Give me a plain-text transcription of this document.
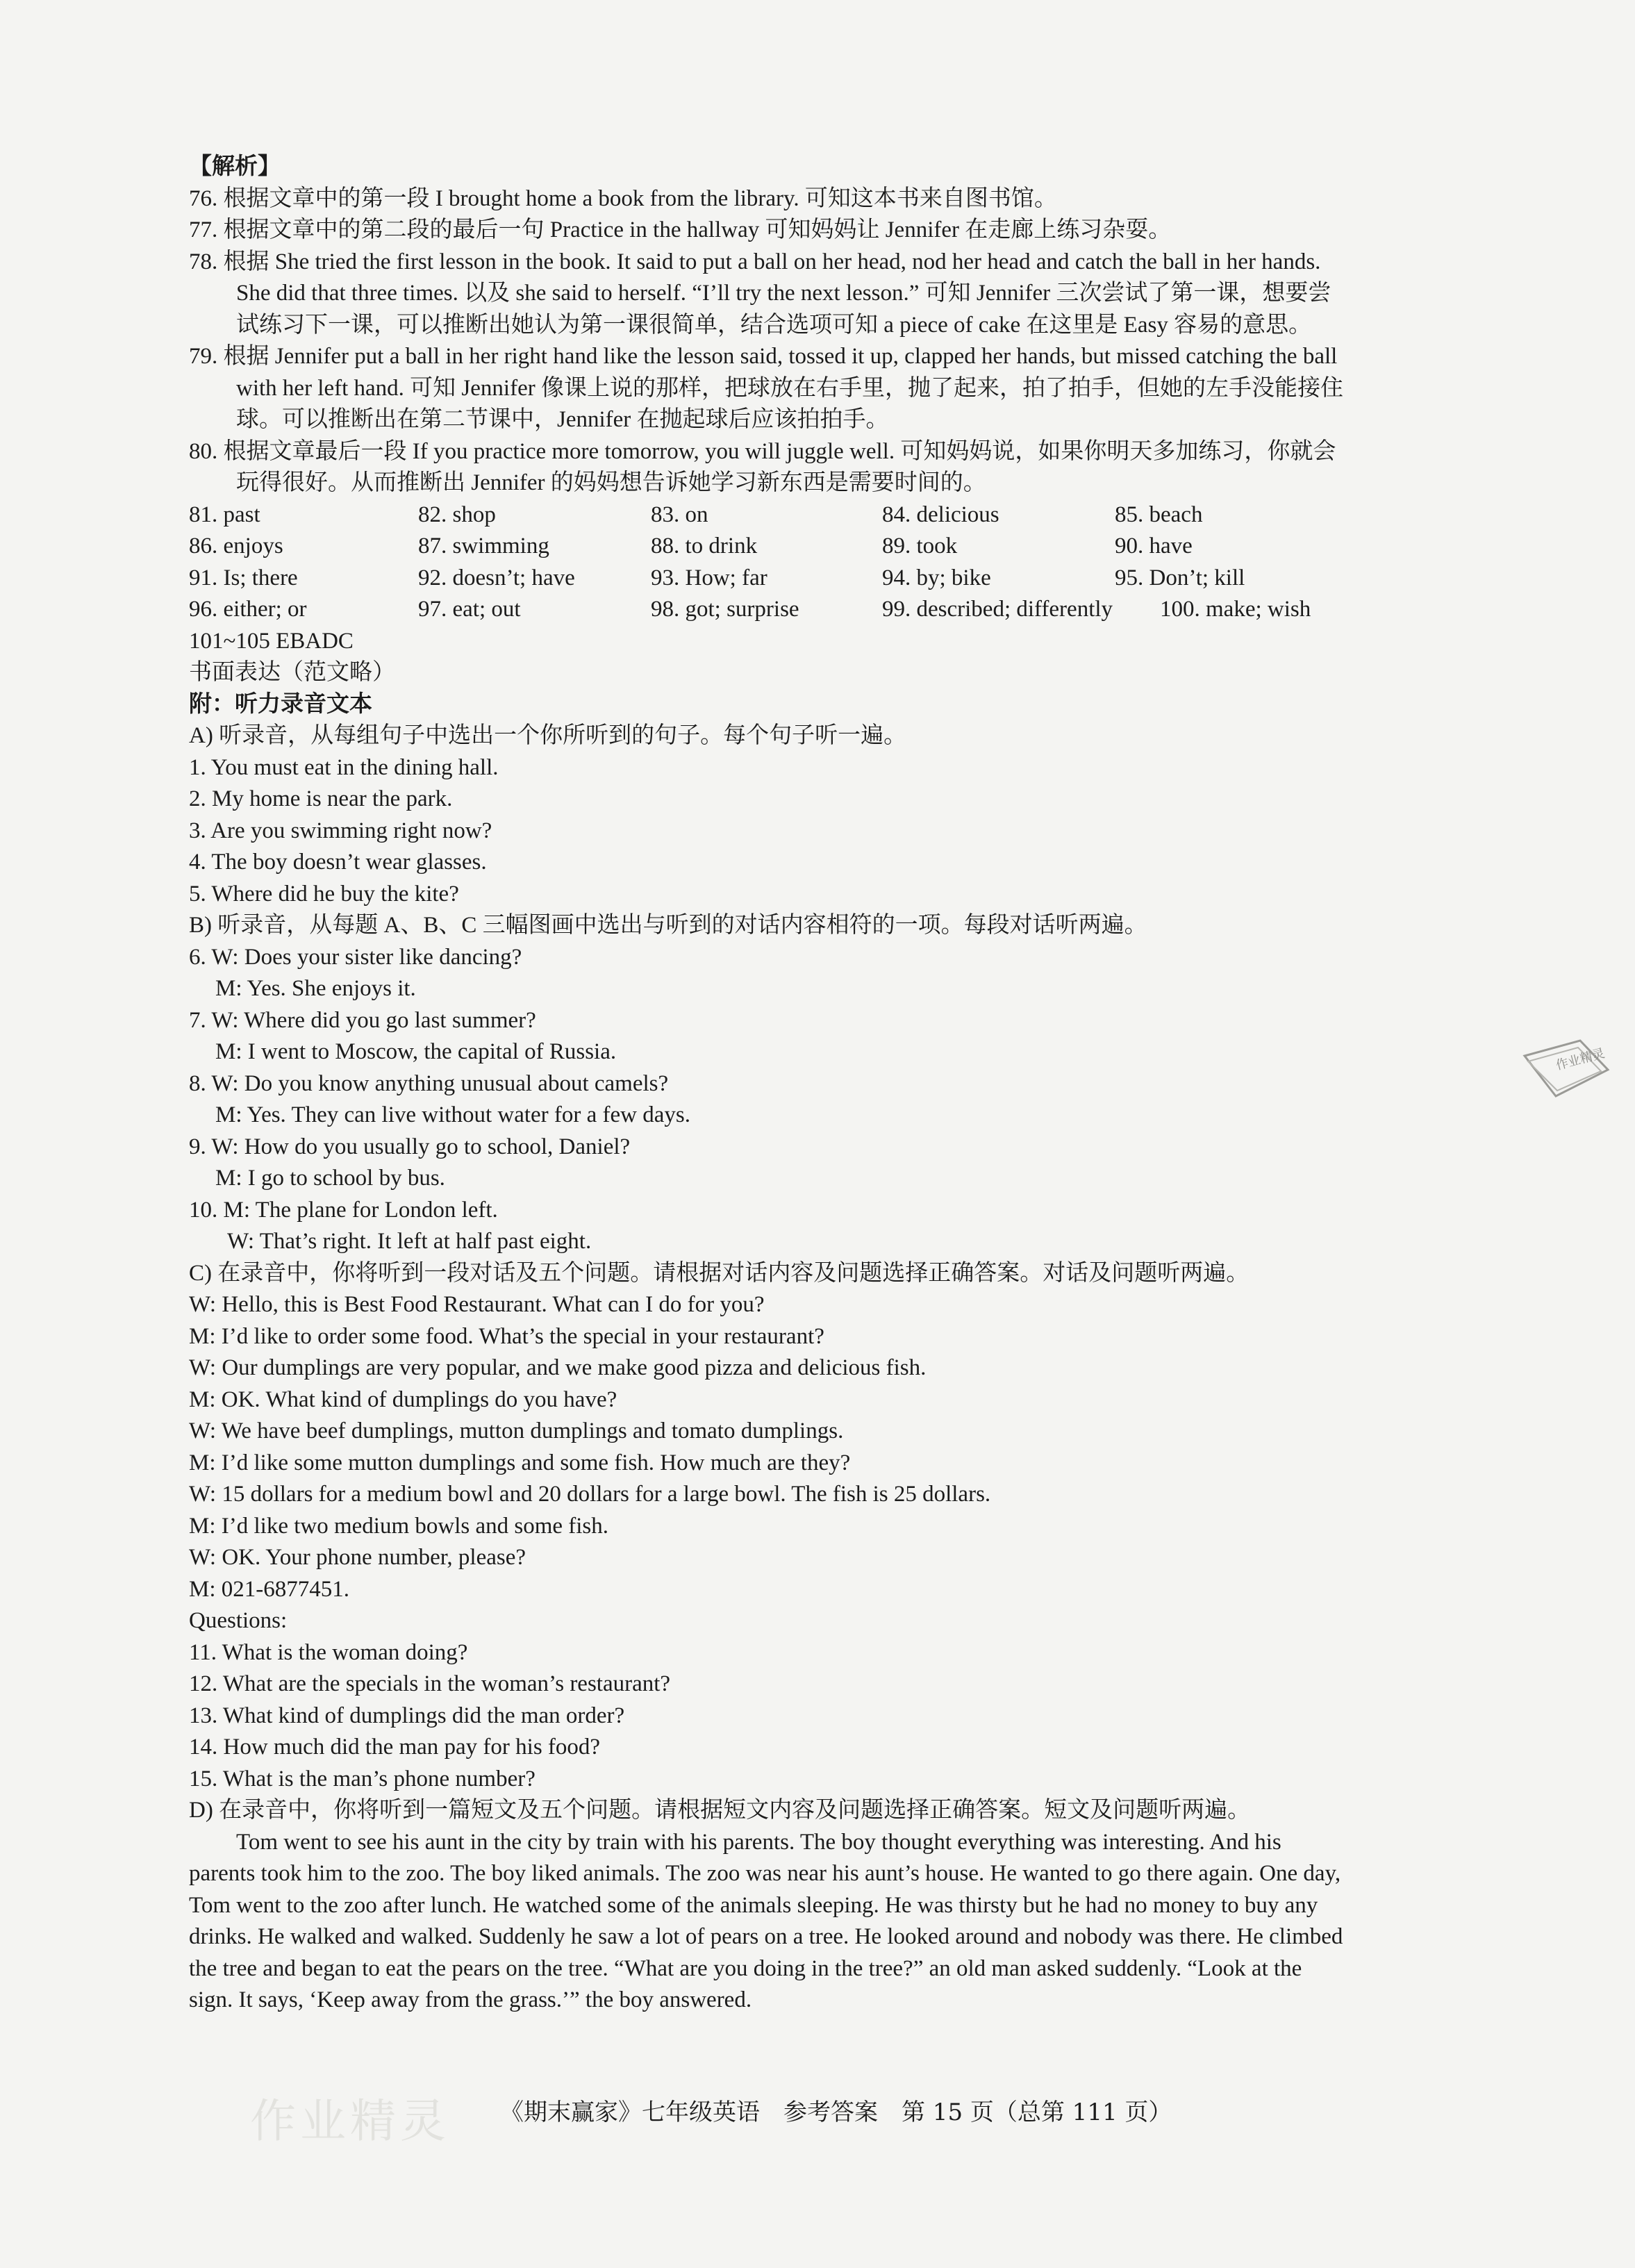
【解析】
76. 根据文章中的第一段 I brought home a book from the library. 可知这本书来自图书馆。
77. 根据文章中的第二段的最后一句 Practice in the hallway 可知妈妈让 Jennifer 在走廊上练习杂耍。
78. 根据 She tried the first lesson in the book. It said to put a ball on her head, nod her head and catch the ball in her hands.
She did that three times. 以及 she said to herself. “I’ll try the next lesson.” 可知 Jennifer 三次尝试了第一课，想要尝
试练习下一课，可以推断出她认为第一课很简单，结合选项可知 a piece of cake 在这里是 Easy 容易的意思。
79. 根据 Jennifer put a ball in her right hand like the lesson said, tossed it up, clapped her hands, but missed catching the ball
with her left hand. 可知 Jennifer 像课上说的那样，把球放在右手里，抛了起来，拍了拍手，但她的左手没能接住
球。可以推断出在第二节课中，Jennifer 在抛起球后应该拍拍手。
80. 根据文章最后一段 If you practice more tomorrow, you will juggle well. 可知妈妈说，如果你明天多加练习，你就会
玩得很好。从而推断出 Jennifer 的妈妈想告诉她学习新东西是需要时间的。
81. past	82. shop	83. on	84. delicious	85. beach
86. enjoys	87. swimming	88. to drink	89. took	90. have
91. Is; there	92. doesn’t; have	93. How; far	94. by; bike	95. Don’t; kill
96. either; or	97. eat; out	98. got; surprise	99. described; differently	100. make; wish
101~105 EBADC
书面表达（范文略）
附：听力录音文本
A) 听录音，从每组句子中选出一个你所听到的句子。每个句子听一遍。
1. You must eat in the dining hall.
2. My home is near the park.
3. Are you swimming right now?
4. The boy doesn’t wear glasses.
5. Where did he buy the kite?
B) 听录音，从每题 A、B、C 三幅图画中选出与听到的对话内容相符的一项。每段对话听两遍。
6. W: Does your sister like dancing?
M: Yes. She enjoys it.
7. W: Where did you go last summer?
M: I went to Moscow, the capital of Russia.
8. W: Do you know anything unusual about camels?
M: Yes. They can live without water for a few days.
9. W: How do you usually go to school, Daniel?
M: I go to school by bus.
10. M: The plane for London left.
W: That’s right. It left at half past eight.
C) 在录音中，你将听到一段对话及五个问题。请根据对话内容及问题选择正确答案。对话及问题听两遍。
W: Hello, this is Best Food Restaurant. What can I do for you?
M: I’d like to order some food. What’s the special in your restaurant?
W: Our dumplings are very popular, and we make good pizza and delicious fish.
M: OK. What kind of dumplings do you have?
W: We have beef dumplings, mutton dumplings and tomato dumplings.
M: I’d like some mutton dumplings and some fish. How much are they?
W: 15 dollars for a medium bowl and 20 dollars for a large bowl. The fish is 25 dollars.
M: I’d like two medium bowls and some fish.
W: OK. Your phone number, please?
M: 021-6877451.
Questions:
11. What is the woman doing?
12. What are the specials in the woman’s restaurant?
13. What kind of dumplings did the man order?
14. How much did the man pay for his food?
15. What is the man’s phone number?
D) 在录音中，你将听到一篇短文及五个问题。请根据短文内容及问题选择正确答案。短文及问题听两遍。
Tom went to see his aunt in the city by train with his parents. The boy thought everything was interesting. And his
parents took him to the zoo. The boy liked animals. The zoo was near his aunt’s house. He wanted to go there again. One day,
Tom went to the zoo after lunch. He watched some of the animals sleeping. He was thirsty but he had no money to buy any
drinks. He walked and walked. Suddenly he saw a lot of pears on a tree. He looked around and nobody was there. He climbed
the tree and began to eat the pears on the tree. “What are you doing in the tree?” an old man asked suddenly. “Look at the
sign. It says, ‘Keep away from the grass.’” the boy answered.
作业精灵
作业精灵
《期末赢家》七年级英语　参考答案　第 15 页（总第 111 页）
